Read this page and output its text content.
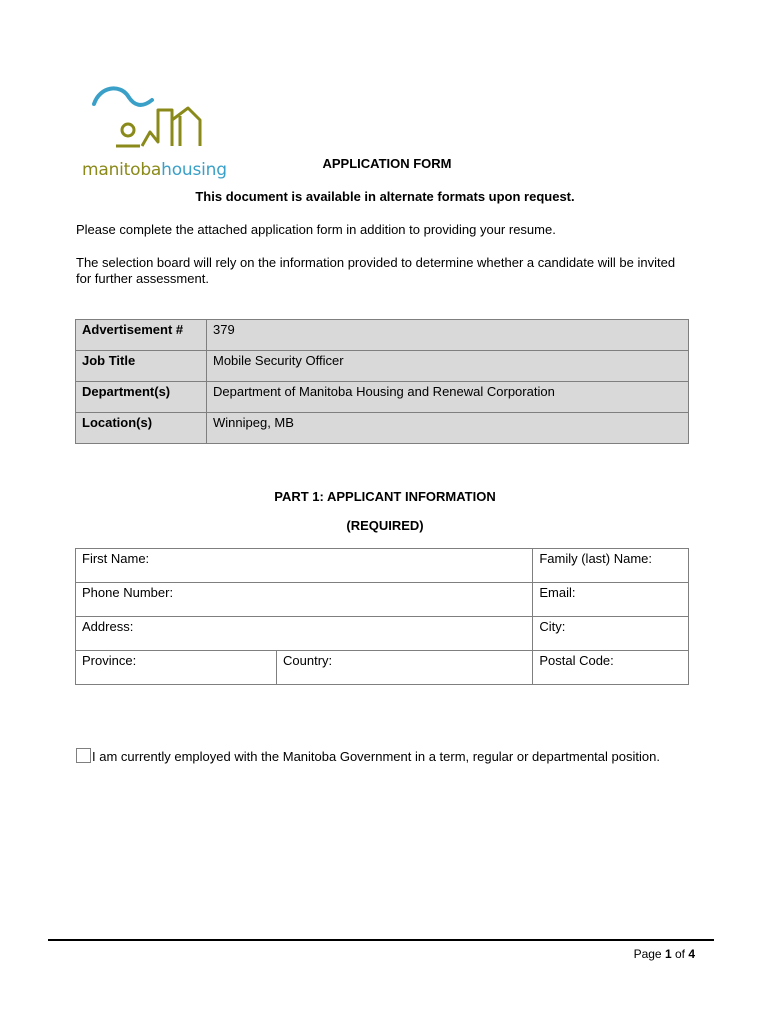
manitobahousing	APPLICATION FORM
This document is available in alternate formats upon request.
Please complete the attached application form in addition to providing your resume.
The selection board will rely on the information provided to determine whether a candidate will be invited for further assessment.
Advertisement #	379
Job Title	Mobile Security Officer
Department(s)	Department of Manitoba Housing and Renewal Corporation
Location(s)	Winnipeg, MB
PART 1: APPLICANT INFORMATION
(REQUIRED)
First Name:		Family (last) Name:
Phone Number:		Email:
Address:		City:
Province:	Country:	Postal Code:
I am currently employed with the Manitoba Government in a term, regular or departmental position.
Page 1 of 4
